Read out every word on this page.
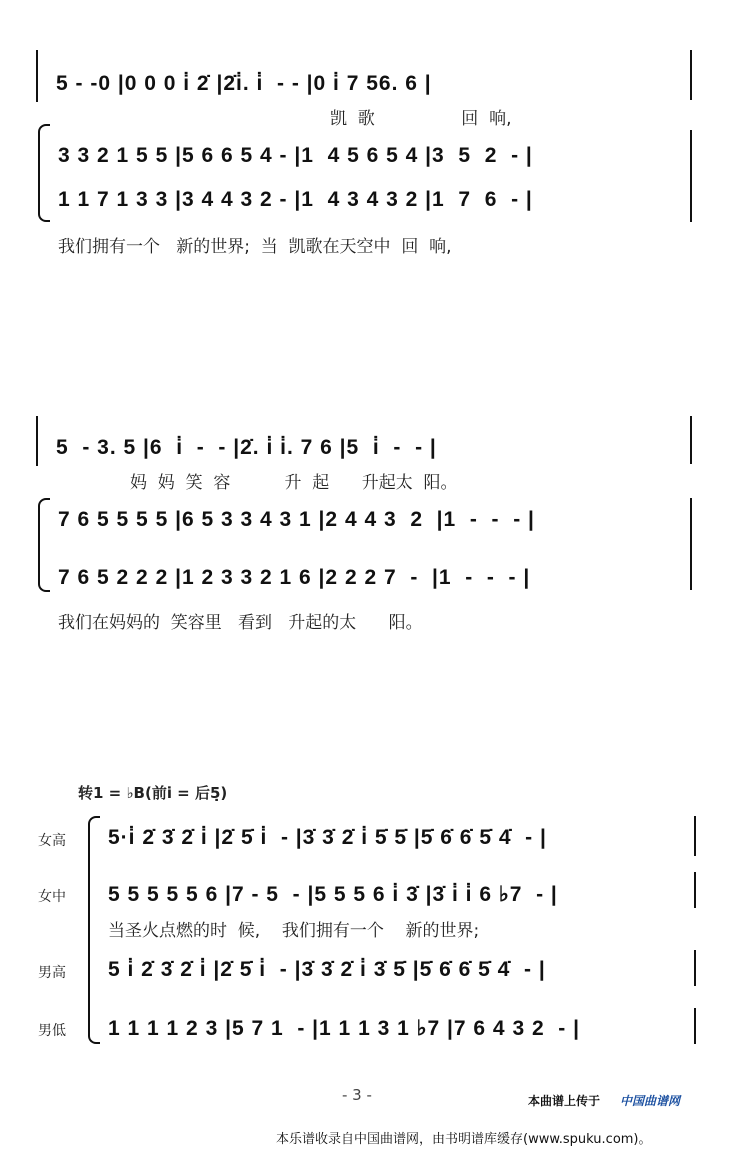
5 - -0 |0 0 0 i̇ 2̇ |2̇i̇. i̇  - - |0 i̇ 7 56. 6 |
凯  歌                回  响,
3 3 2 1 5 5 |5 6 6 5 4 - |1  4 5 6 5 4 |3  5  2  - |
1 1 7 1 3 3 |3 4 4 3 2 - |1  4 3 4 3 2 |1  7  6  - |
我们拥有一个   新的世界;  当  凯歌在天空中  回  响,
5  - 3. 5 |6  i̇  -  - |2̇. i̇ i̇. 7 6 |5  i̇  -  - |
妈  妈  笑  容          升  起      升起太  阳。
7 6 5 5 5 5 |6 5 3 3 4 3 1 |2 4 4 3  2  |1  -  -  - |
7 6 5 2 2 2 |1 2 3 3 2 1 6 |2 2 2 7  -  |1  -  -  - |
我们在妈妈的  笑容里   看到   升起的太      阳。
转1 = ♭B(前i̇ = 后5̣)
女高 5·i̇ 2̇ 3̇ 2̇ i̇ |2̇ 5̇ i̇  - |3̇ 3̇ 2̇ i̇ 5̇ 5̇ |5̇ 6̇ 6̇ 5̇ 4̇  - |
女中 5 5 5 5 5 6 |7 - 5  - |5 5 5 6 i̇ 3̇ |3̇ i̇ i̇ 6 ♭7  - |
当圣火点燃的时  候,    我们拥有一个    新的世界;
男高 5 i̇ 2̇ 3̇ 2̇ i̇ |2̇ 5̇ i̇  - |3̇ 3̇ 2̇ i̇ 3̇ 5̇ |5̇ 6̇ 6̇ 5̇ 4̇  - |
男低 1 1 1 1 2 3 |5 7 1  - |1 1 1 3 1 ♭7 |7 6 4 3 2  - |
- 3 -	本曲谱上传于 中国曲谱网
本乐谱收录自中国曲谱网，由书明谱库缓存(www.spuku.com)。
